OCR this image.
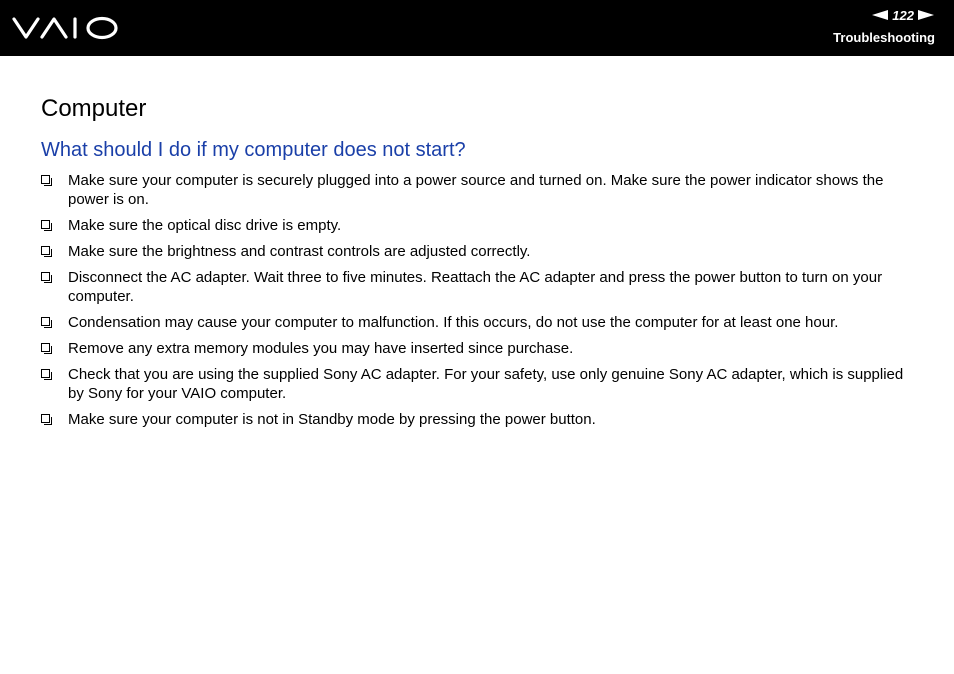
122
Troubleshooting
Computer
What should I do if my computer does not start?
Make sure your computer is securely plugged into a power source and turned on. Make sure the power indicator shows the power is on.
Make sure the optical disc drive is empty.
Make sure the brightness and contrast controls are adjusted correctly.
Disconnect the AC adapter. Wait three to five minutes. Reattach the AC adapter and press the power button to turn on your computer.
Condensation may cause your computer to malfunction. If this occurs, do not use the computer for at least one hour.
Remove any extra memory modules you may have inserted since purchase.
Check that you are using the supplied Sony AC adapter. For your safety, use only genuine Sony AC adapter, which is supplied by Sony for your VAIO computer.
Make sure your computer is not in Standby mode by pressing the power button.
